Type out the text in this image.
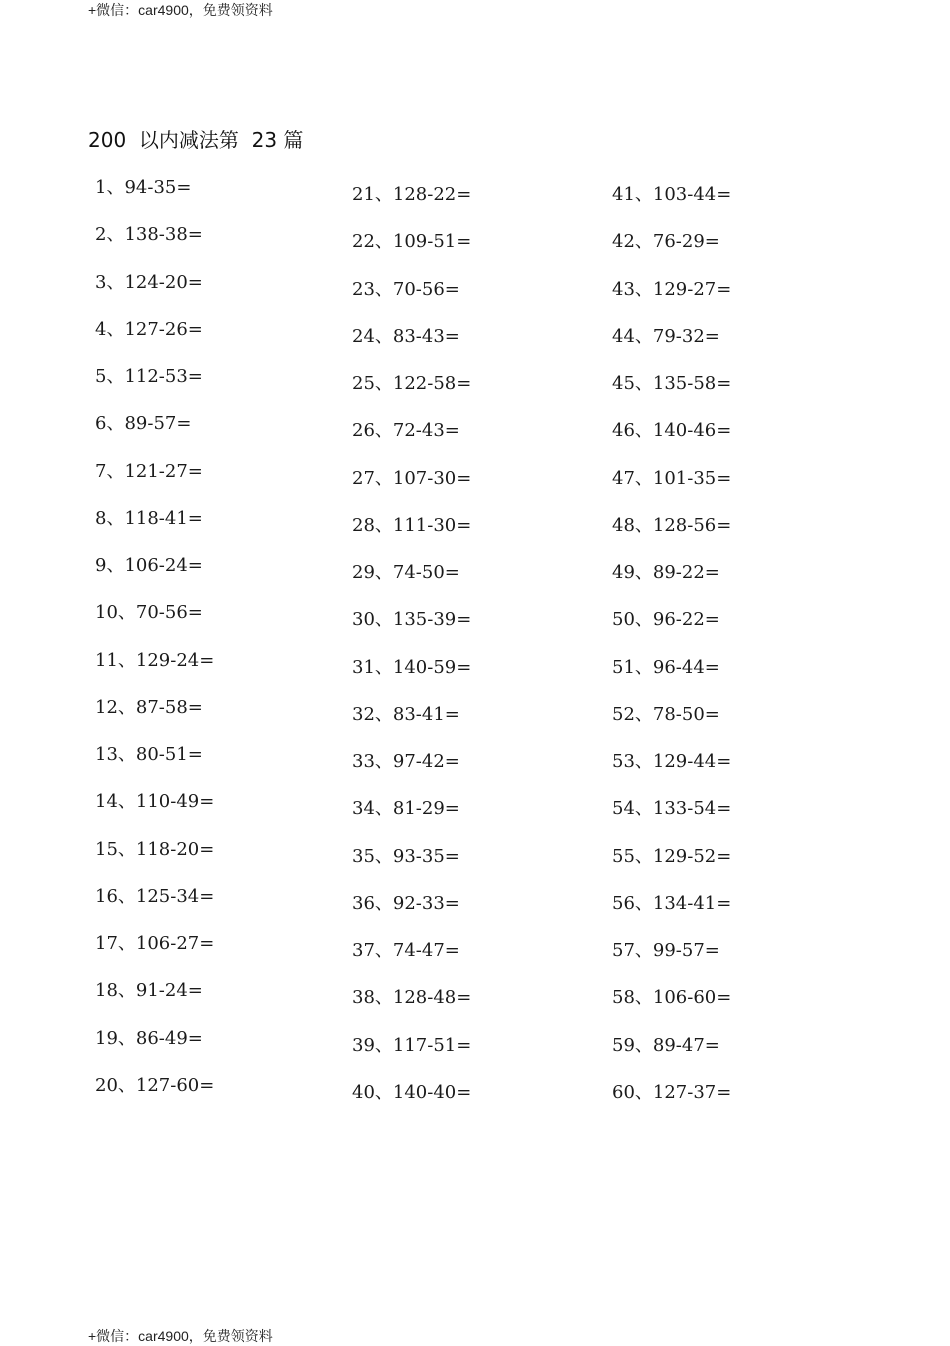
+微信：car4900，免费领资料
200  以内减法第  23 篇
1、94-35=
2、138-38=
3、124-20=
4、127-26=
5、112-53=
6、89-57=
7、121-27=
8、118-41=
9、106-24=
10、70-56=
11、129-24=
12、87-58=
13、80-51=
14、110-49=
15、118-20=
16、125-34=
17、106-27=
18、91-24=
19、86-49=
20、127-60=
21、128-22=
22、109-51=
23、70-56=
24、83-43=
25、122-58=
26、72-43=
27、107-30=
28、111-30=
29、74-50=
30、135-39=
31、140-59=
32、83-41=
33、97-42=
34、81-29=
35、93-35=
36、92-33=
37、74-47=
38、128-48=
39、117-51=
40、140-40=
41、103-44=
42、76-29=
43、129-27=
44、79-32=
45、135-58=
46、140-46=
47、101-35=
48、128-56=
49、89-22=
50、96-22=
51、96-44=
52、78-50=
53、129-44=
54、133-54=
55、129-52=
56、134-41=
57、99-57=
58、106-60=
59、89-47=
60、127-37=
+微信：car4900，免费领资料
